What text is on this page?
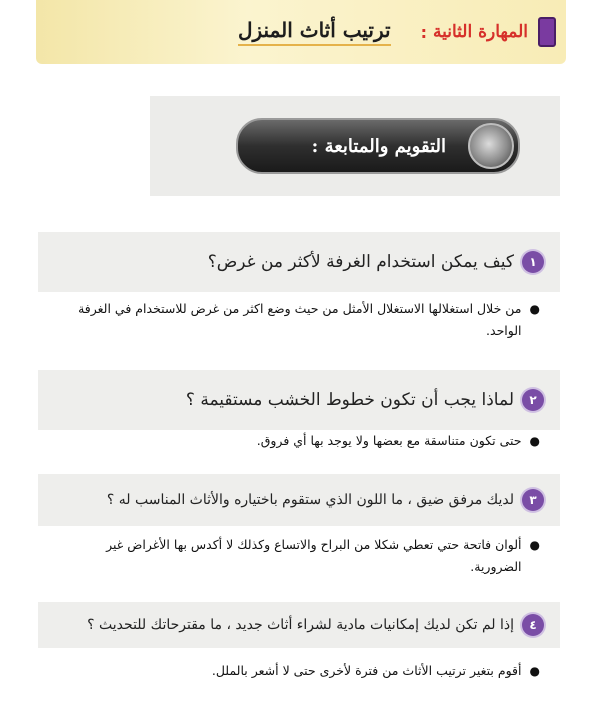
المهارة الثانية
:
ترتيب أثاث المنزل
التقويم والمتابعة :
١
كيف يمكن استخدام الغرفة لأكثر من غرض؟
●
من خلال استغلالها الاستغلال الأمثل من حيث وضع اكثر من غرض للاستخدام في الغرفة الواحد.
٢
لماذا يجب أن تكون خطوط الخشب مستقيمة ؟
●
حتى تكون متناسقة مع بعضها ولا يوجد بها أي فروق.
٣
لديك مرفق ضيق ، ما اللون الذي ستقوم باختياره والأثاث المناسب له ؟
●
ألوان فاتحة حتي تعطي شكلا من البراح والاتساع وكذلك لا أكدس بها الأغراض غير الضرورية.
٤
إذا لم تكن لديك إمكانيات مادية لشراء أثاث جديد ، ما مقترحاتك للتحديث ؟
●
أقوم بتغير ترتيب الأثاث من فترة لأخرى حتى لا أشعر بالملل.
